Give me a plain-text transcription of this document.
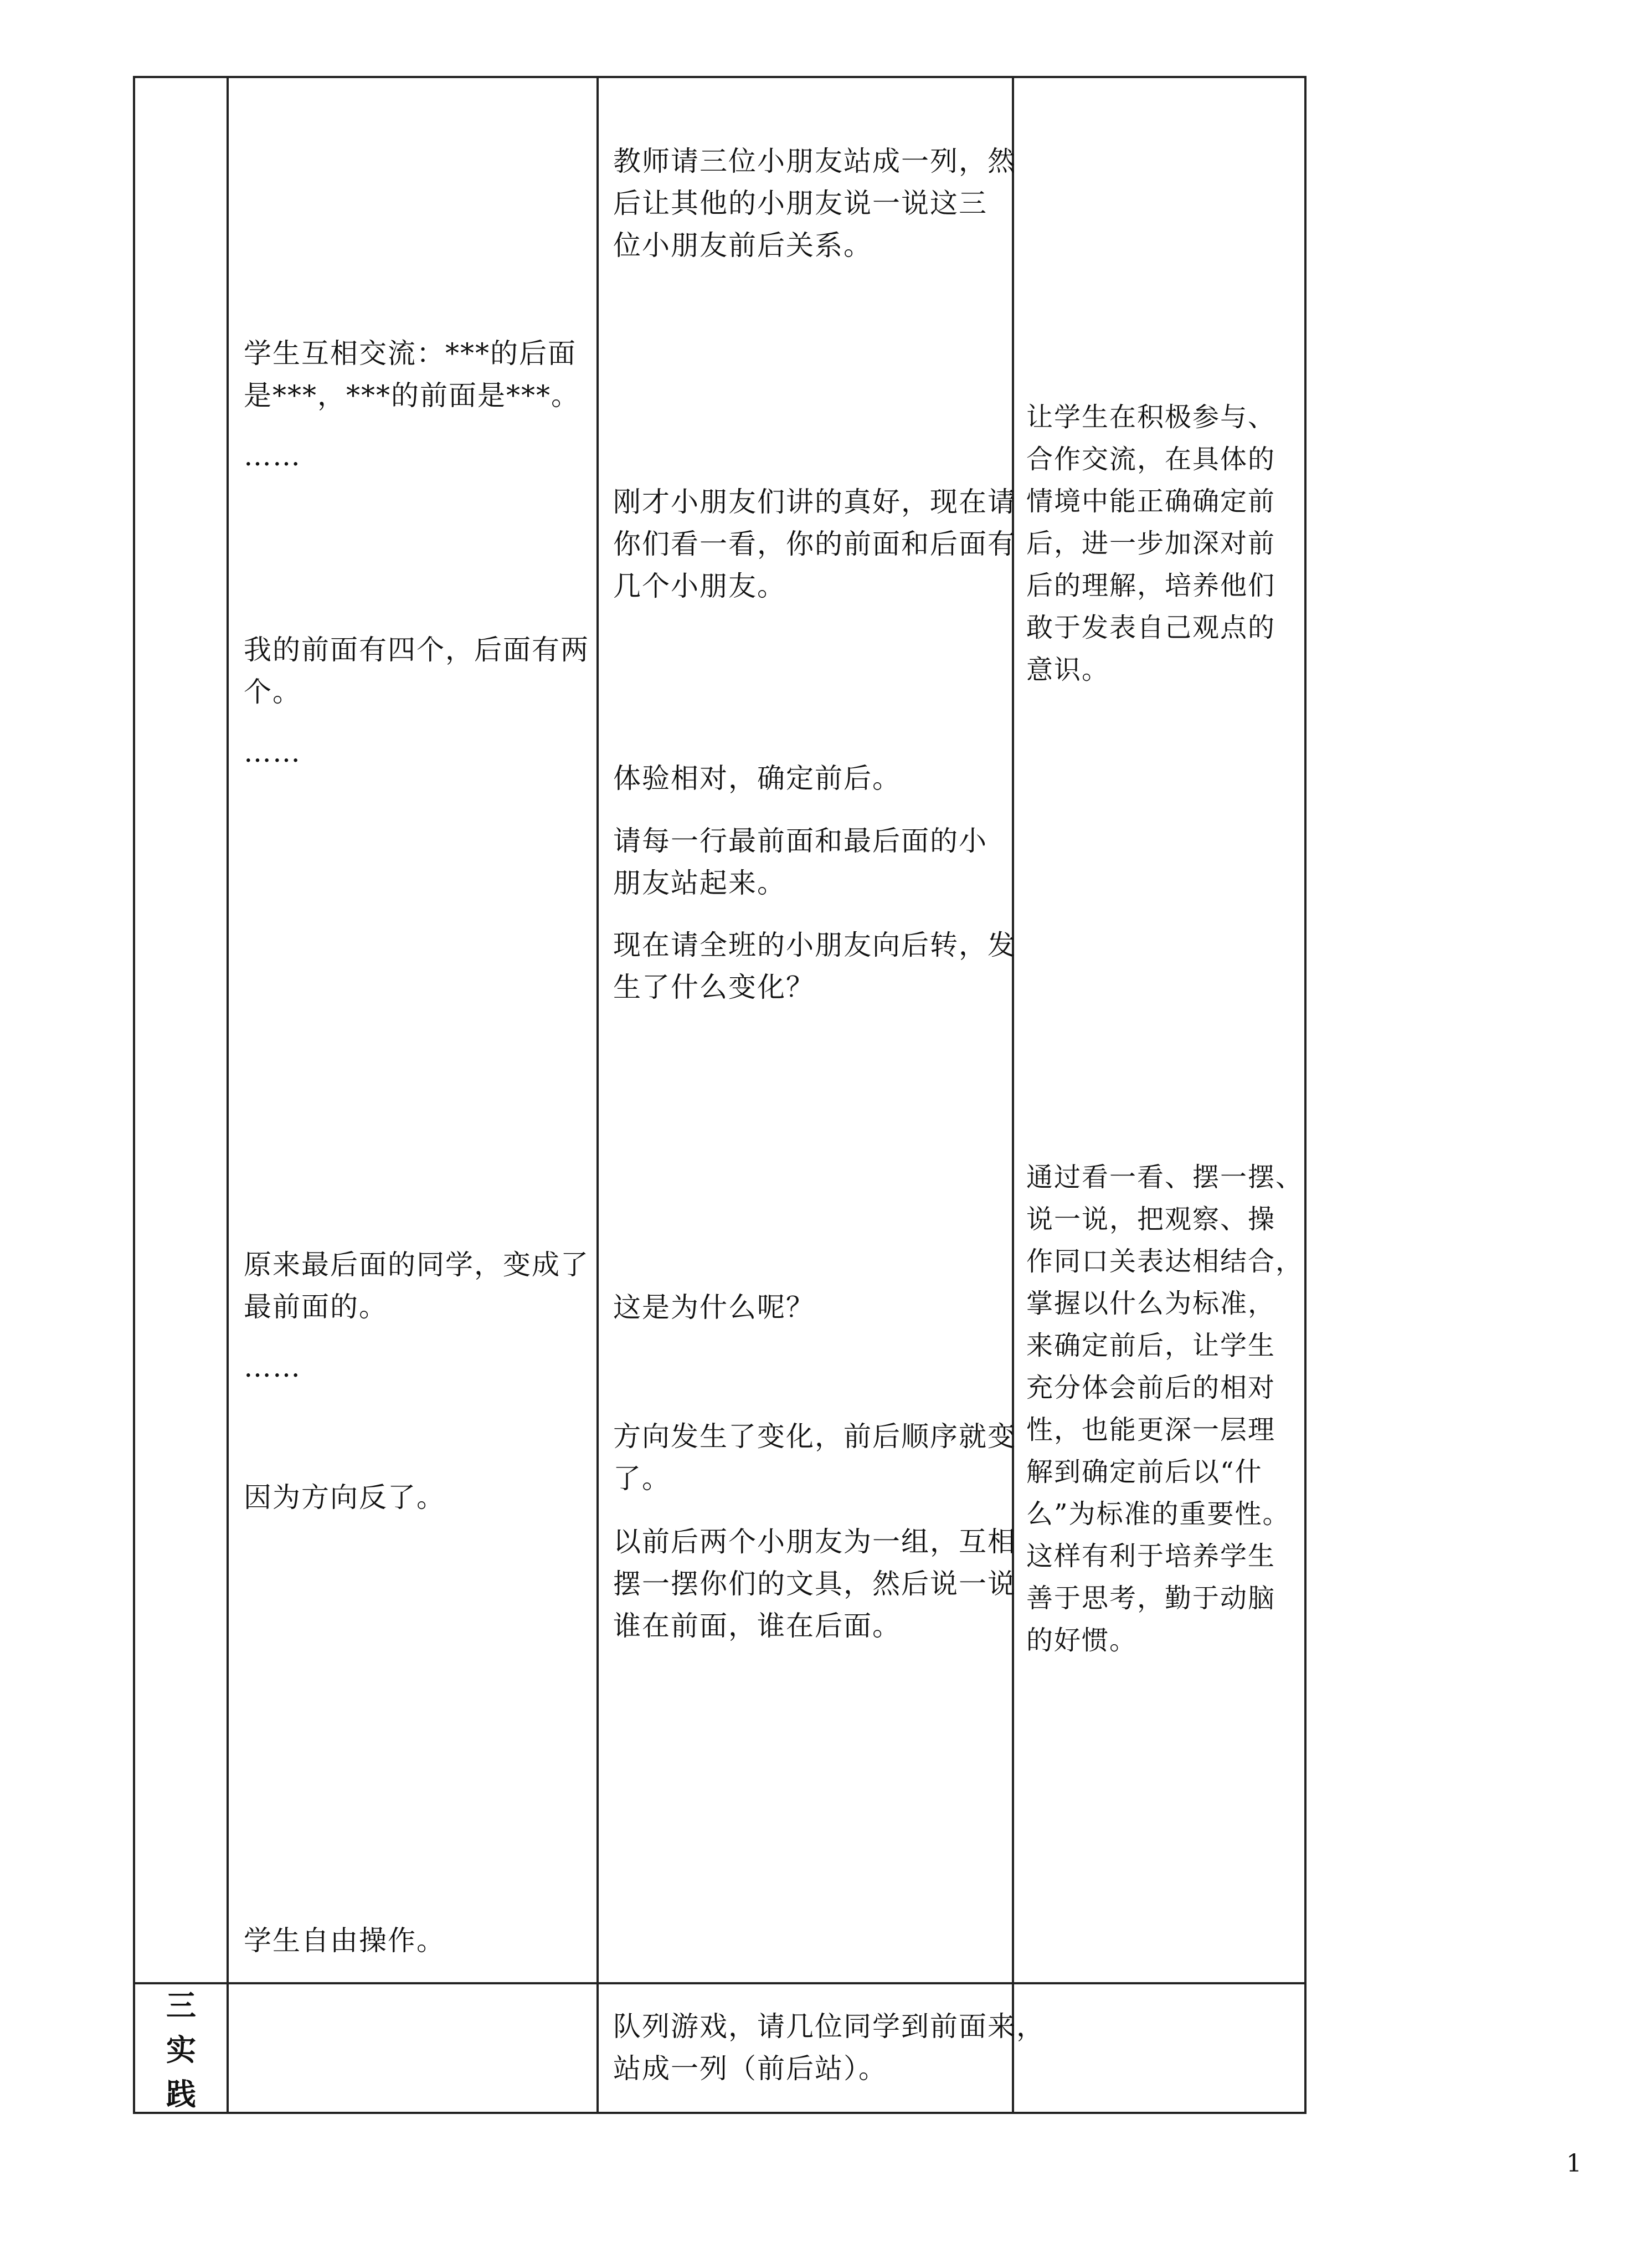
学生互相交流：***的后面
是***，***的前面是***。
……
我的前面有四个，后面有两
个。
……
原来最后面的同学，变成了
最前面的。
……
因为方向反了。
学生自由操作。
教师请三位小朋友站成一列，然
后让其他的小朋友说一说这三
位小朋友前后关系。
刚才小朋友们讲的真好，现在请
你们看一看，你的前面和后面有
几个小朋友。
体验相对，确定前后。
请每一行最前面和最后面的小
朋友站起来。
现在请全班的小朋友向后转，发
生了什么变化？
这是为什么呢？
方向发生了变化，前后顺序就变
了。
以前后两个小朋友为一组，互相
摆一摆你们的文具，然后说一说
谁在前面，谁在后面。
让学生在积极参与、
合作交流，在具体的
情境中能正确确定前
后，进一步加深对前
后的理解，培养他们
敢于发表自己观点的
意识。
通过看一看、摆一摆、
说一说，把观察、操
作同口关表达相结合，
掌握以什么为标准，
来确定前后，让学生
充分体会前后的相对
性，也能更深一层理
解到确定前后以“什
么”为标准的重要性。
这样有利于培养学生
善于思考，勤于动脑
的好惯。
三
实
践
队列游戏，请几位同学到前面来，
站成一列（前后站）。
1
